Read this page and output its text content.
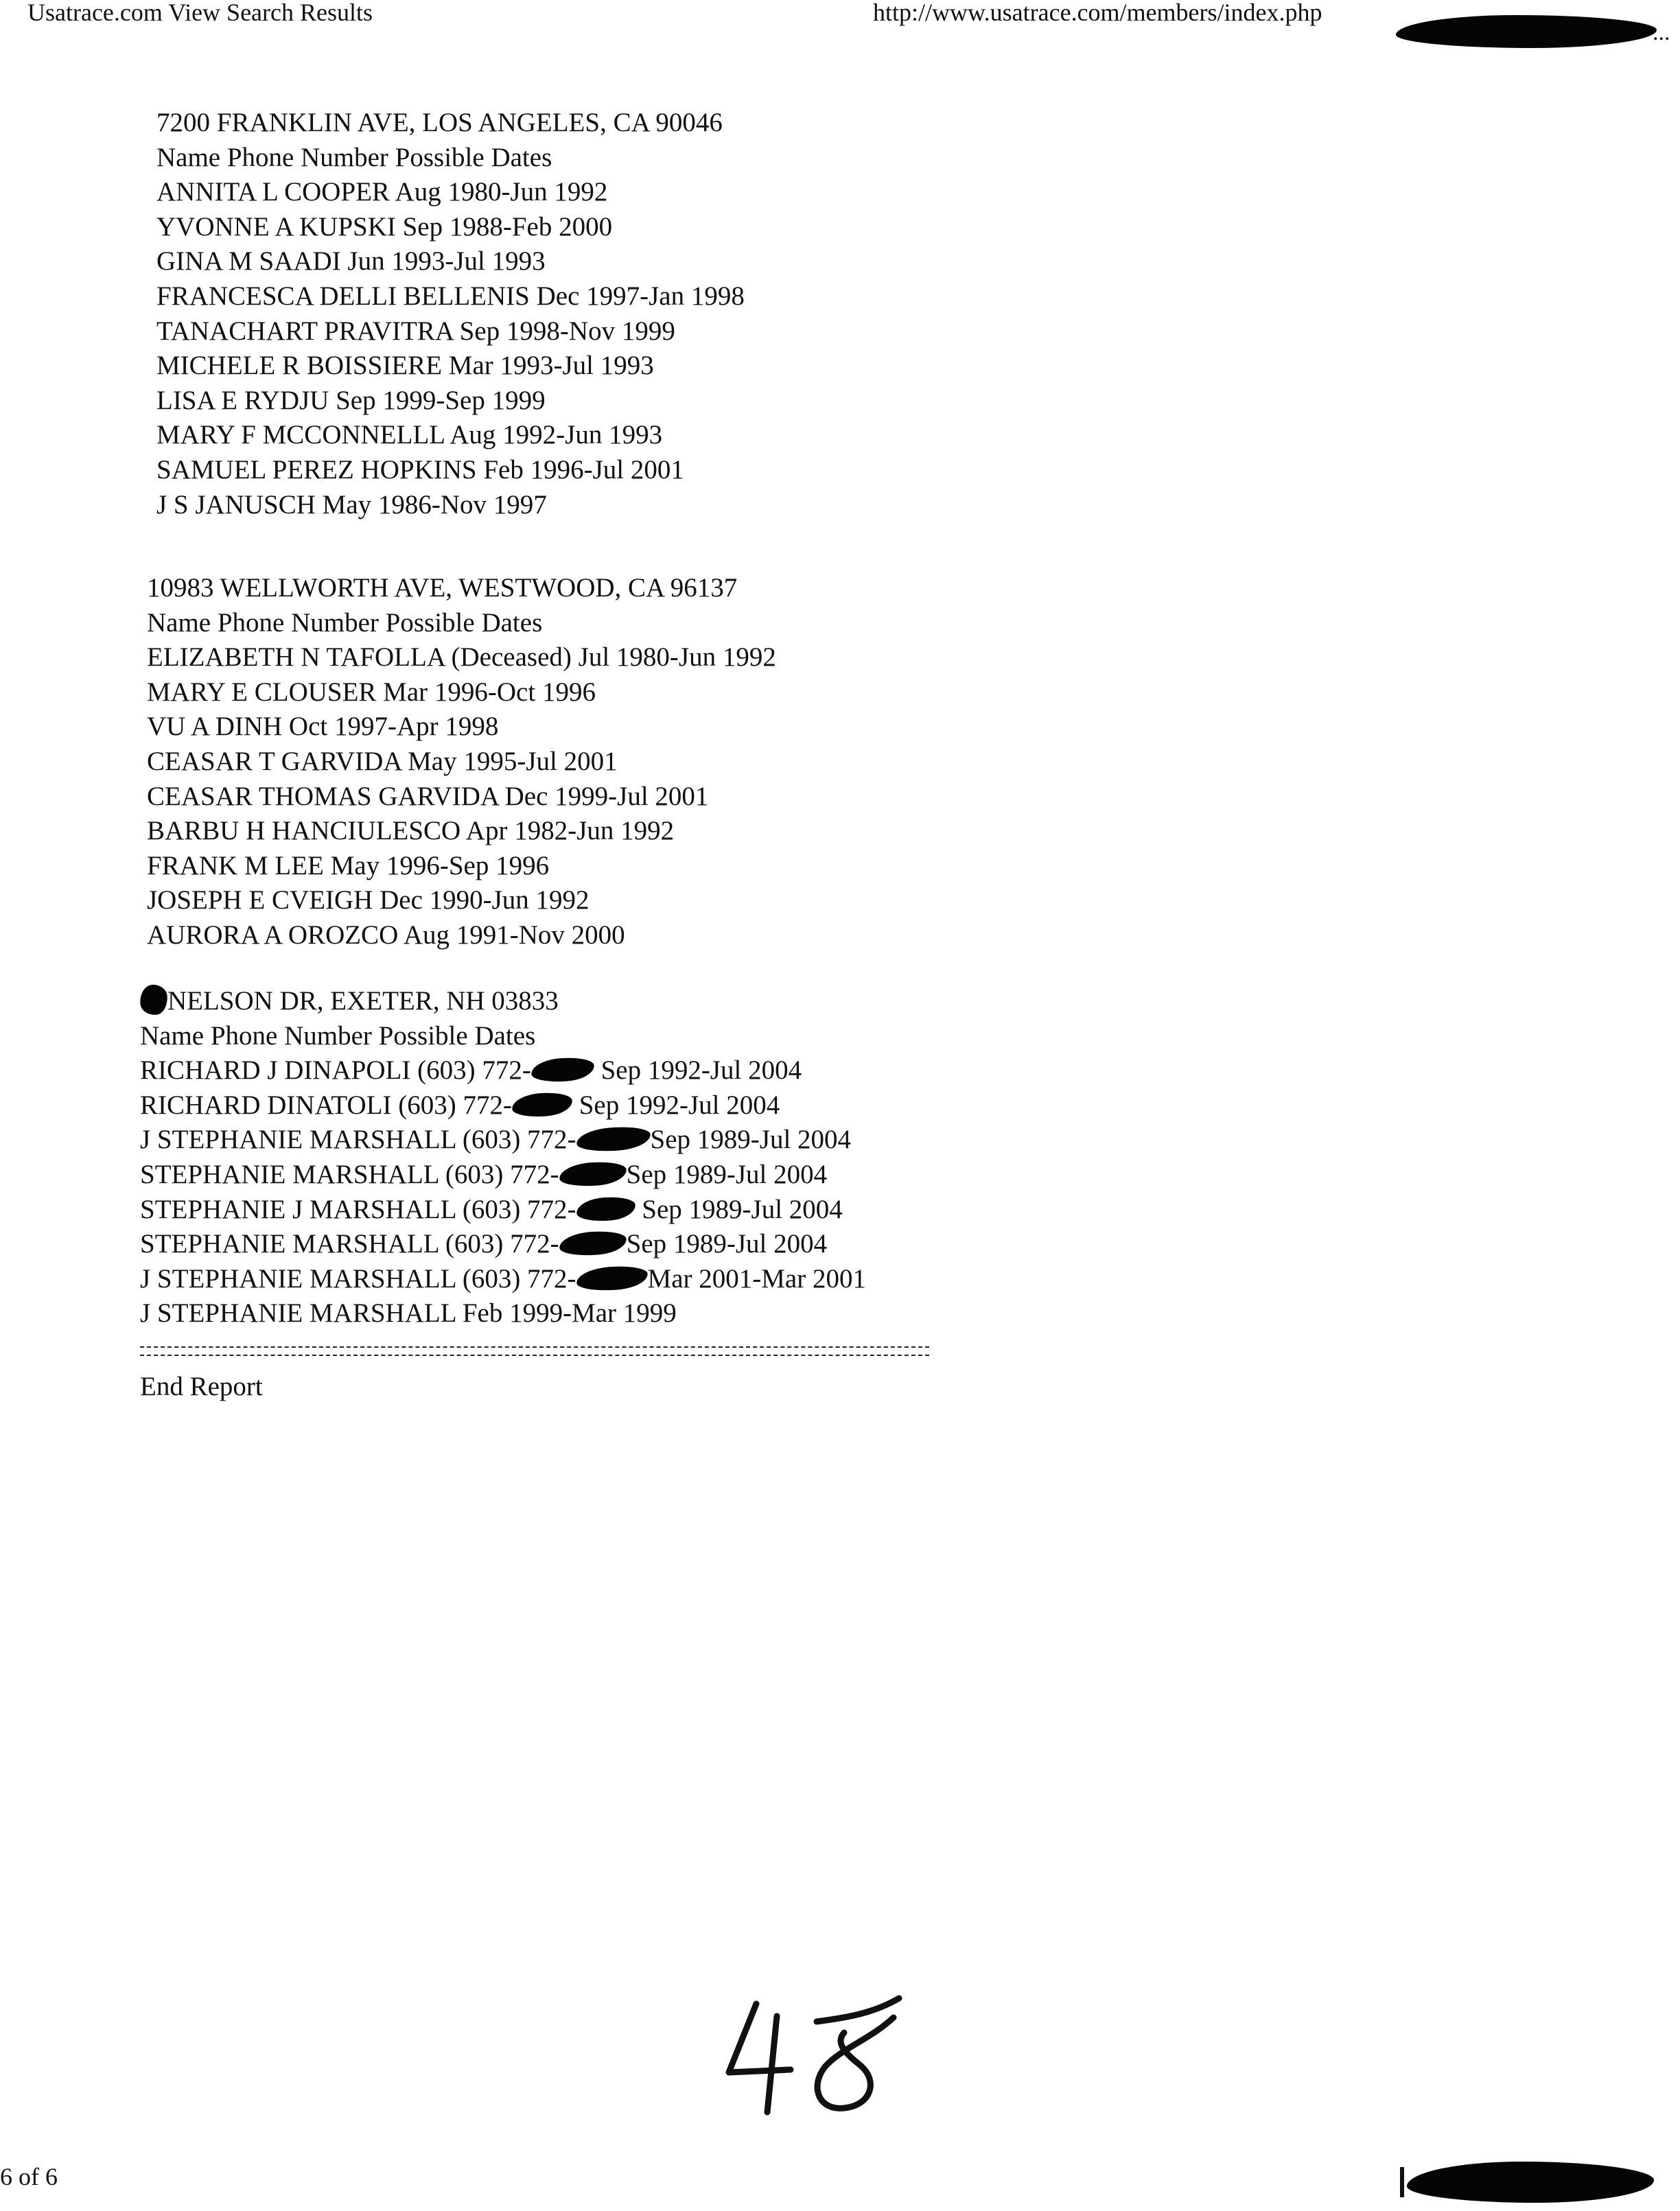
Usatrace.com View Search Results	http://www.usatrace.com/members/index.php
...
7200 FRANKLIN AVE, LOS ANGELES, CA 90046
Name Phone Number Possible Dates
ANNITA L COOPER Aug 1980-Jun 1992
YVONNE A KUPSKI Sep 1988-Feb 2000
GINA M SAADI Jun 1993-Jul 1993
FRANCESCA DELLI BELLENIS Dec 1997-Jan 1998
TANACHART PRAVITRA Sep 1998-Nov 1999
MICHELE R BOISSIERE Mar 1993-Jul 1993
LISA E RYDJU Sep 1999-Sep 1999
MARY F MCCONNELLL Aug 1992-Jun 1993
SAMUEL PEREZ HOPKINS Feb 1996-Jul 2001
J S JANUSCH May 1986-Nov 1997
10983 WELLWORTH AVE, WESTWOOD, CA 96137
Name Phone Number Possible Dates
ELIZABETH N TAFOLLA (Deceased) Jul 1980-Jun 1992
MARY E CLOUSER Mar 1996-Oct 1996
VU A DINH Oct 1997-Apr 1998
CEASAR T GARVIDA May 1995-Jul 2001
CEASAR THOMAS GARVIDA Dec 1999-Jul 2001
BARBU H HANCIULESCO Apr 1982-Jun 1992
FRANK M LEE May 1996-Sep 1996
JOSEPH E CVEIGH Dec 1990-Jun 1992
AURORA A OROZCO Aug 1991-Nov 2000
NELSON DR, EXETER, NH 03833
Name Phone Number Possible Dates
RICHARD J DINAPOLI (603) 772- Sep 1992-Jul 2004
RICHARD DINATOLI (603) 772- Sep 1992-Jul 2004
J STEPHANIE MARSHALL (603) 772-	Sep 1989-Jul 2004
STEPHANIE MARSHALL (603) 772-	Sep 1989-Jul 2004
STEPHANIE J MARSHALL (603) 772- Sep 1989-Jul 2004
STEPHANIE MARSHALL (603) 772-	Sep 1989-Jul 2004
J STEPHANIE MARSHALL (603) 772-	Mar 2001-Mar 2001
J STEPHANIE MARSHALL Feb 1999-Mar 1999
End Report
6 of 6
